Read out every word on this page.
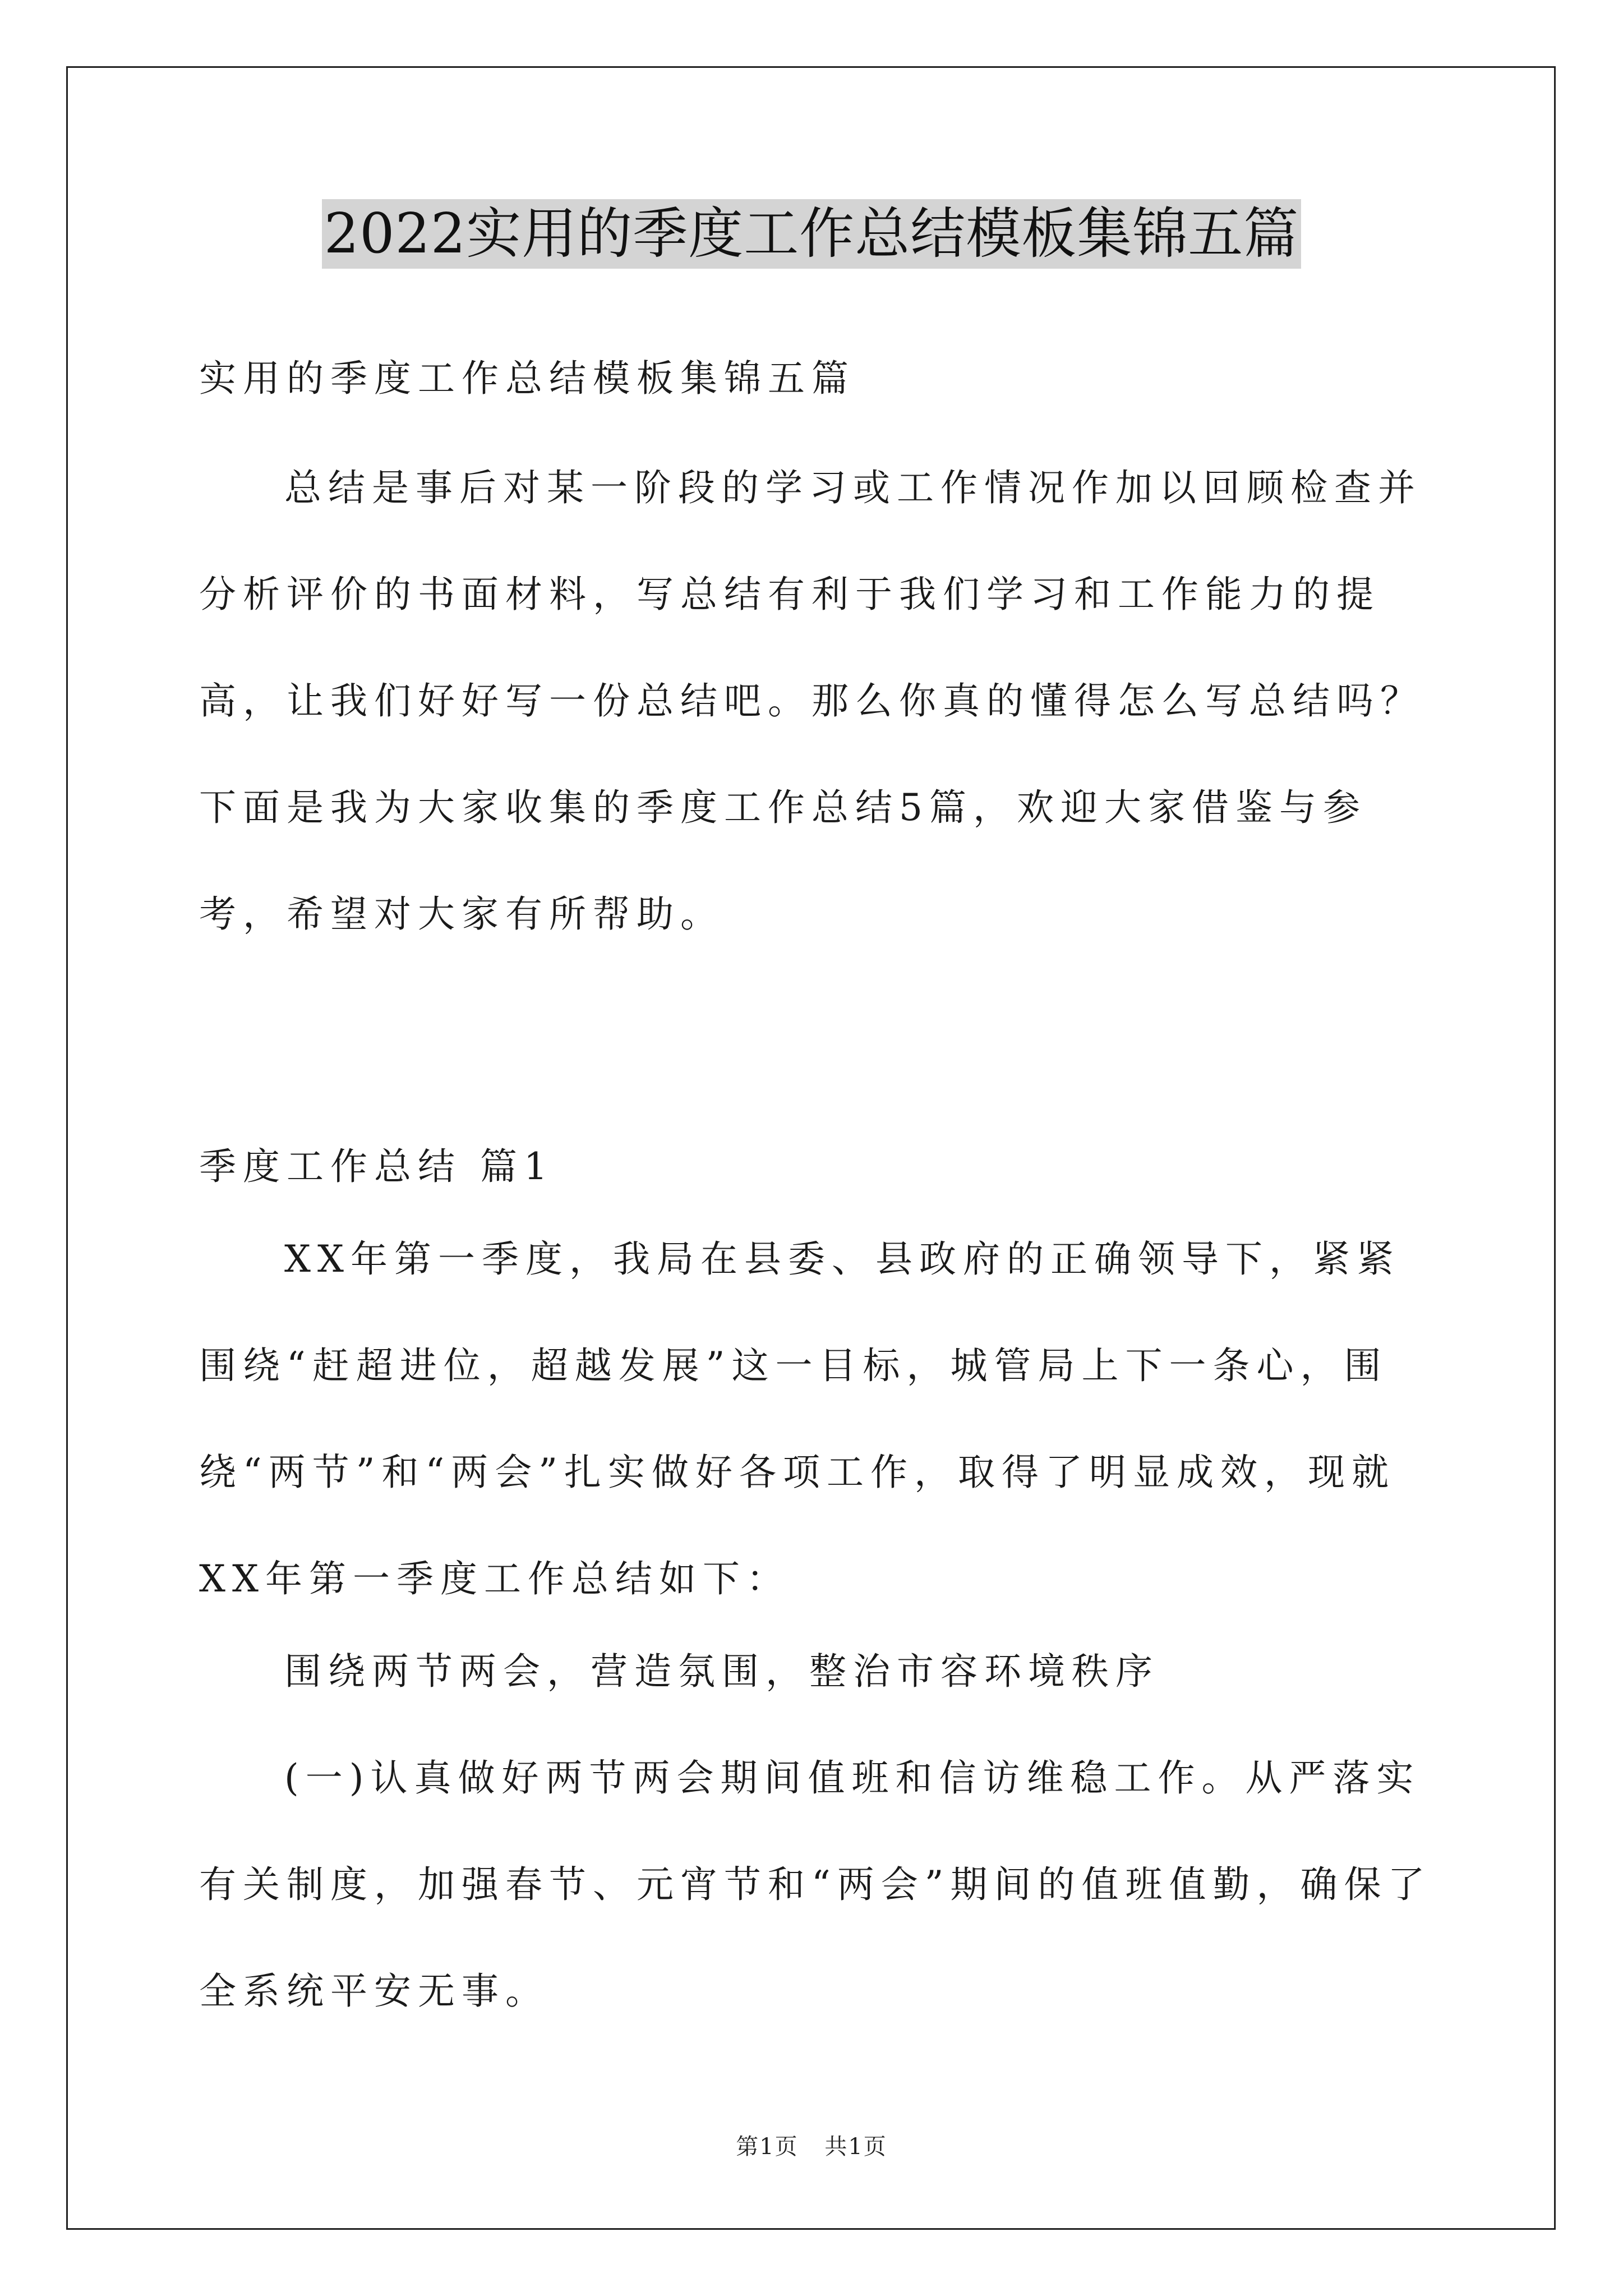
2022实用的季度工作总结模板集锦五篇

实用的季度工作总结模板集锦五篇

总结是事后对某一阶段的学习或工作情况作加以回顾检查并分析评价的书面材料，写总结有利于我们学习和工作能力的提高，让我们好好写一份总结吧。那么你真的懂得怎么写总结吗？下面是我为大家收集的季度工作总结5篇，欢迎大家借鉴与参考，希望对大家有所帮助。

季度工作总结 篇1

XX年第一季度，我局在县委、县政府的正确领导下，紧紧围绕“赶超进位，超越发展”这一目标，城管局上下一条心，围绕“两节”和“两会”扎实做好各项工作，取得了明显成效，现就XX年第一季度工作总结如下：

围绕两节两会，营造氛围，整治市容环境秩序

(一)认真做好两节两会期间值班和信访维稳工作。从严落实有关制度，加强春节、元宵节和“两会”期间的值班值勤，确保了全系统平安无事。

第1页 共1页
